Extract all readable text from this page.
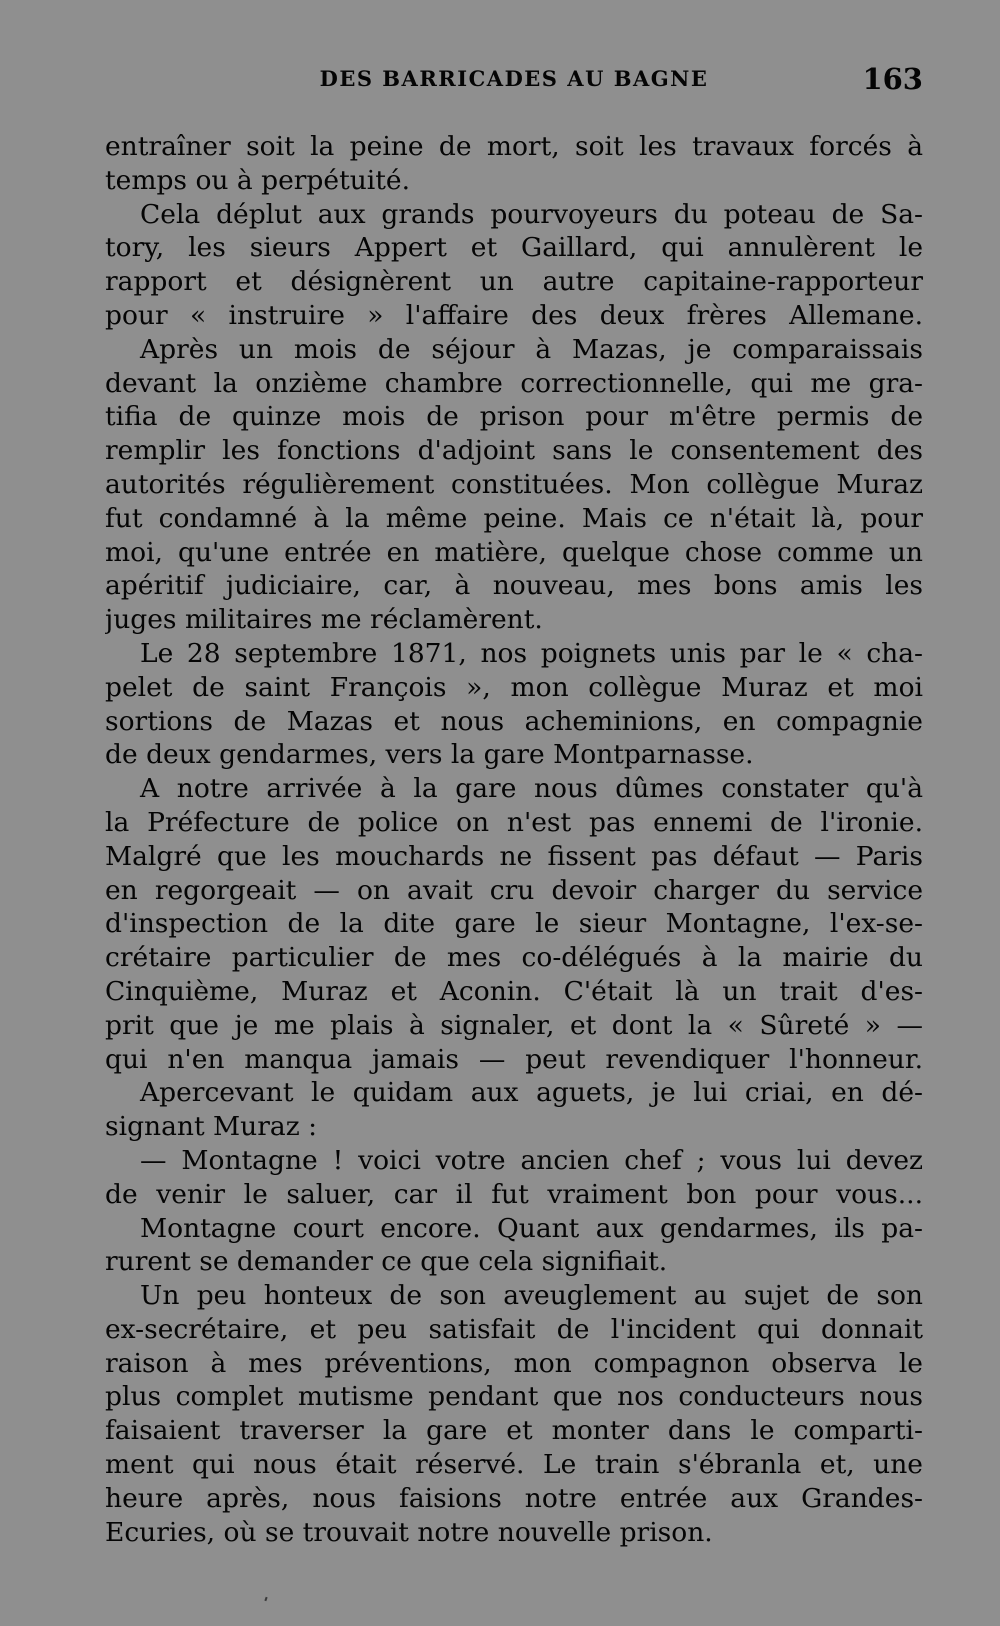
DES BARRICADES AU BAGNE	163
entraîner soit la peine de mort, soit les travaux forcés à
temps ou à perpétuité.
Cela déplut aux grands pourvoyeurs du poteau de Sa-
tory, les sieurs Appert et Gaillard, qui annulèrent le
rapport et désignèrent un autre capitaine-rapporteur
pour « instruire » l'affaire des deux frères Allemane.
Après un mois de séjour à Mazas, je comparaissais
devant la onzième chambre correctionnelle, qui me gra-
tifia de quinze mois de prison pour m'être permis de
remplir les fonctions d'adjoint sans le consentement des
autorités régulièrement constituées. Mon collègue Muraz
fut condamné à la même peine. Mais ce n'était là, pour
moi, qu'une entrée en matière, quelque chose comme un
apéritif judiciaire, car, à nouveau, mes bons amis les
juges militaires me réclamèrent.
Le 28 septembre 1871, nos poignets unis par le « cha-
pelet de saint François », mon collègue Muraz et moi
sortions de Mazas et nous acheminions, en compagnie
de deux gendarmes, vers la gare Montparnasse.
A notre arrivée à la gare nous dûmes constater qu'à
la Préfecture de police on n'est pas ennemi de l'ironie.
Malgré que les mouchards ne fissent pas défaut — Paris
en regorgeait — on avait cru devoir charger du service
d'inspection de la dite gare le sieur Montagne, l'ex-se-
crétaire particulier de mes co-délégués à la mairie du
Cinquième, Muraz et Aconin. C'était là un trait d'es-
prit que je me plais à signaler, et dont la « Sûreté » —
qui n'en manqua jamais — peut revendiquer l'honneur.
Apercevant le quidam aux aguets, je lui criai, en dé-
signant Muraz :
— Montagne ! voici votre ancien chef ; vous lui devez
de venir le saluer, car il fut vraiment bon pour vous...
Montagne court encore. Quant aux gendarmes, ils pa-
rurent se demander ce que cela signifiait.
Un peu honteux de son aveuglement au sujet de son
ex-secrétaire, et peu satisfait de l'incident qui donnait
raison à mes préventions, mon compagnon observa le
plus complet mutisme pendant que nos conducteurs nous
faisaient traverser la gare et monter dans le comparti-
ment qui nous était réservé. Le train s'ébranla et, une
heure après, nous faisions notre entrée aux Grandes-
Ecuries, où se trouvait notre nouvelle prison.
